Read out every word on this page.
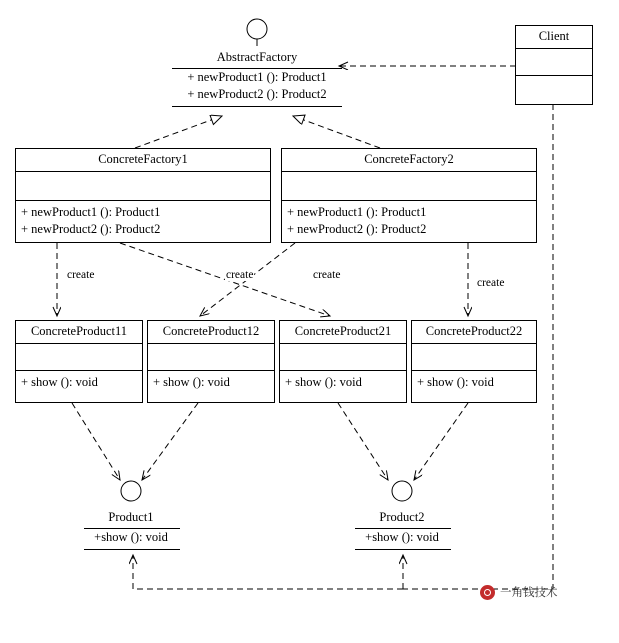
AbstractFactory
+ newProduct1 (): Product1
+ newProduct2 (): Product2
Client
ConcreteFactory1
+ newProduct1 (): Product1
+ newProduct2 (): Product2
ConcreteFactory2
+ newProduct1 (): Product1
+ newProduct2 (): Product2
ConcreteProduct11
+ show (): void
ConcreteProduct12
+ show (): void
ConcreteProduct21
+ show (): void
ConcreteProduct22
+ show (): void
Product1
+show (): void
Product2
+show (): void
create	create	create
create
一角钱技术
